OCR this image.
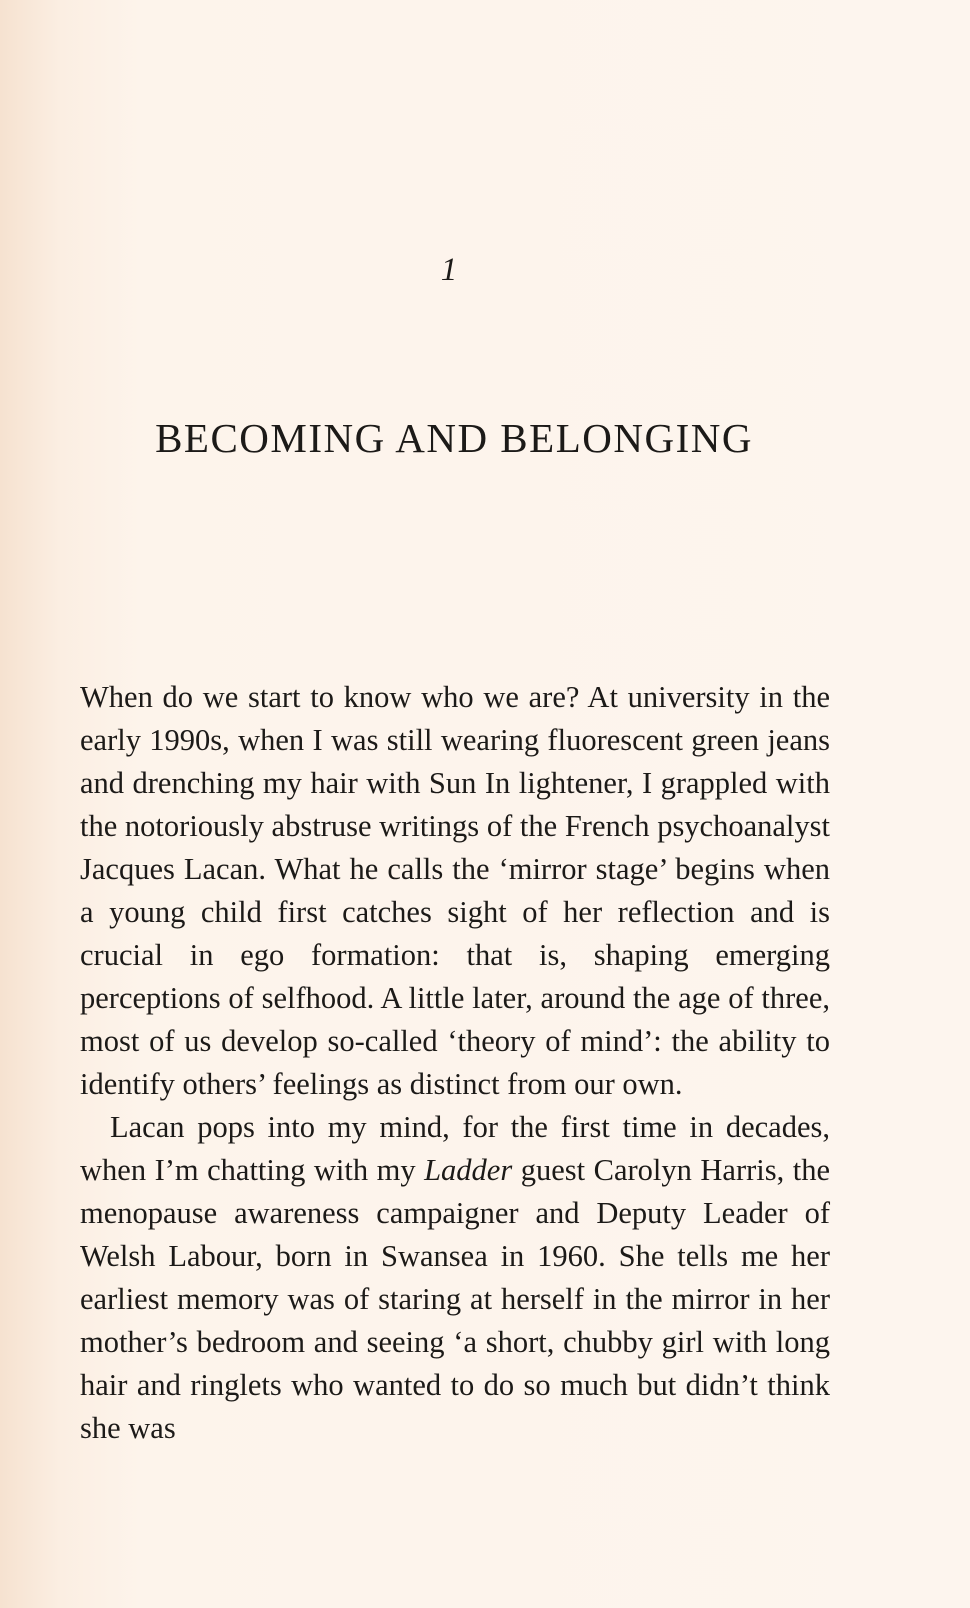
1
BECOMING AND BELONGING

When do we start to know who we are? At university in the early 1990s, when I was still wearing fluorescent green jeans and drenching my hair with Sun In lightener, I grappled with the notoriously abstruse writings of the French psychoanalyst Jacques Lacan. What he calls the ‘mirror stage’ begins when a young child first catches sight of her reflection and is crucial in ego formation: that is, shaping emerging perceptions of selfhood. A little later, around the age of three, most of us develop so-called ‘theory of mind’: the ability to identify others’ feelings as distinct from our own.

Lacan pops into my mind, for the first time in decades, when I’m chatting with my Ladder guest Carolyn Harris, the menopause awareness campaigner and Deputy Leader of Welsh Labour, born in Swansea in 1960. She tells me her earliest memory was of staring at herself in the mirror in her mother’s bedroom and seeing ‘a short, chubby girl with long hair and ringlets who wanted to do so much but didn’t think she was
